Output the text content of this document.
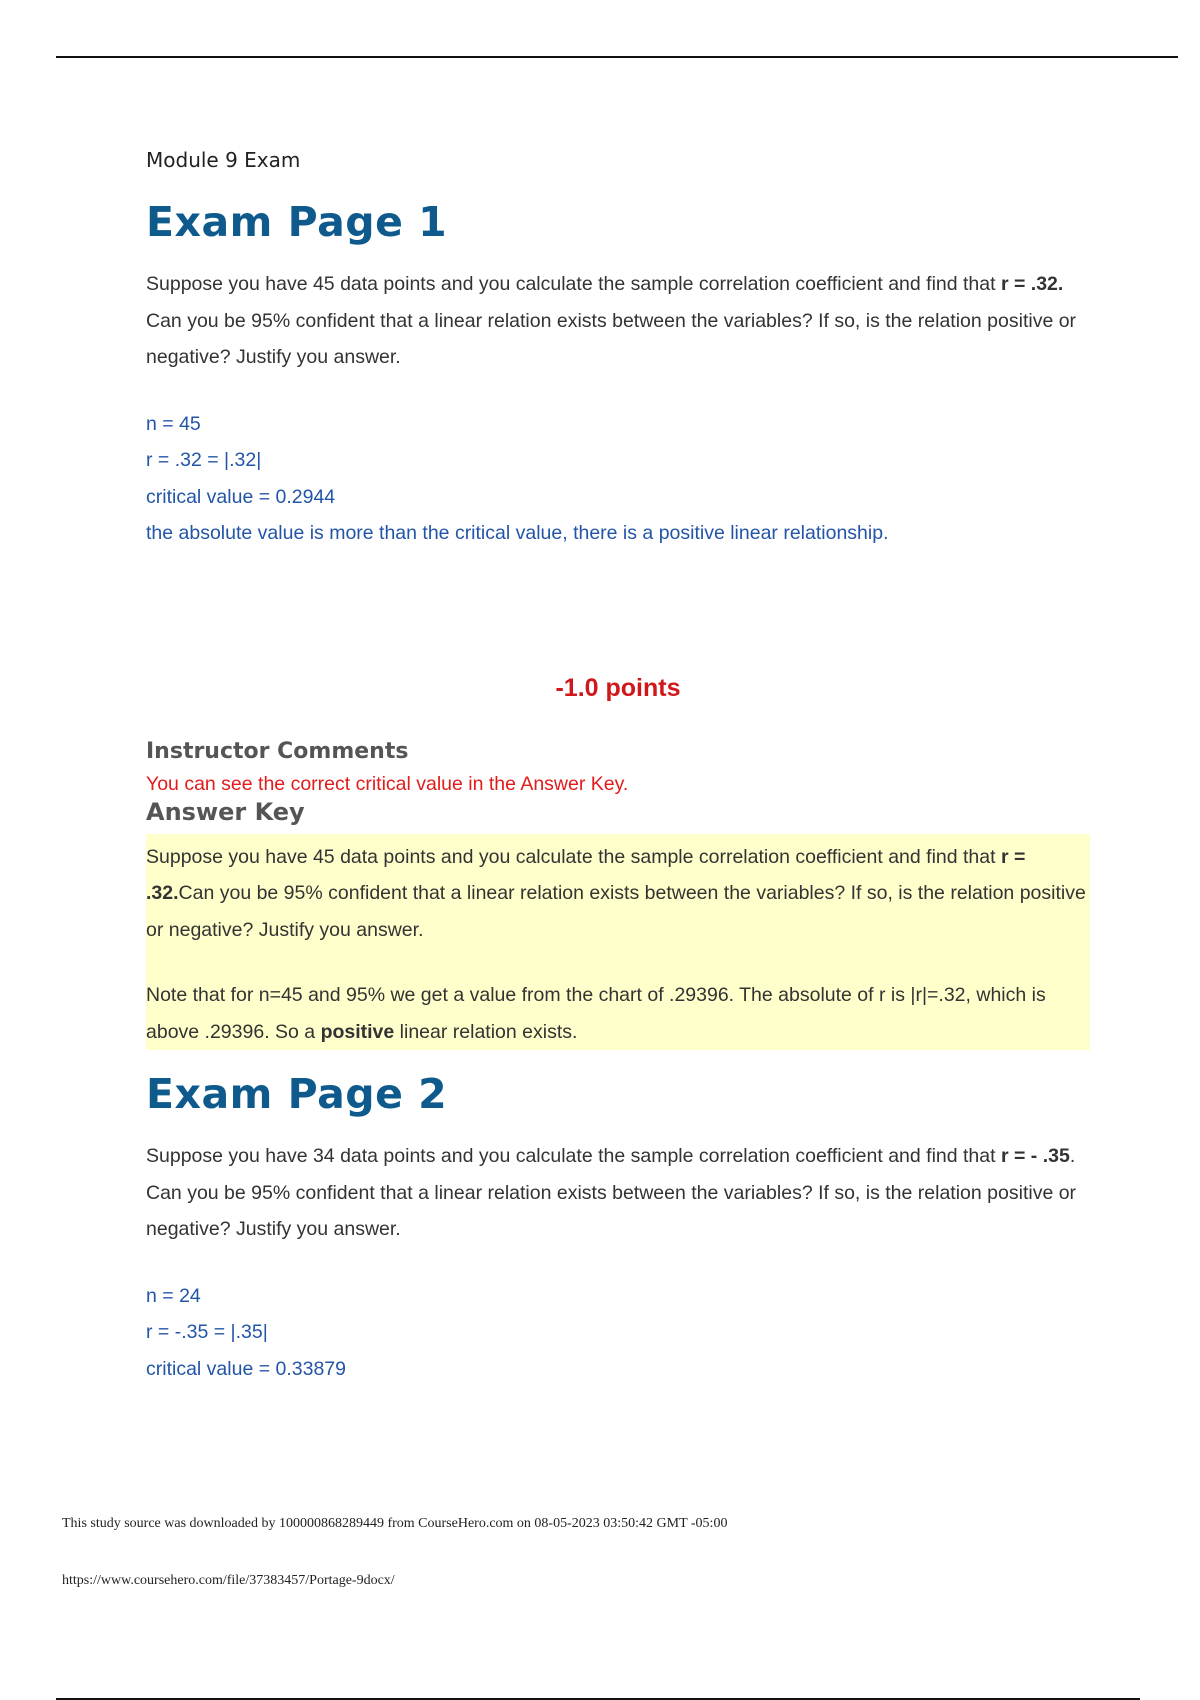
Module 9 Exam

Exam Page 1

Suppose you have 45 data points and you calculate the sample correlation coefficient and find that r = .32. Can you be 95% confident that a linear relation exists between the variables? If so, is the relation positive or negative? Justify you answer.

n = 45

r = .32 = |.32|

critical value = 0.2944

the absolute value is more than the critical value, there is a positive linear relationship.

-1.0 points

Instructor Comments

You can see the correct critical value in the Answer Key.

Answer Key

Suppose you have 45 data points and you calculate the sample correlation coefficient and find that r = .32.Can you be 95% confident that a linear relation exists between the variables? If so, is the relation positive or negative? Justify you answer.

Note that for n=45 and 95% we get a value from the chart of .29396. The absolute of r is |r|=.32, which is above .29396. So a positive linear relation exists.

Exam Page 2

Suppose you have 34 data points and you calculate the sample correlation coefficient and find that r = - .35. Can you be 95% confident that a linear relation exists between the variables? If so, is the relation positive or negative? Justify you answer.

n = 24

r = -.35 = |.35|

critical value = 0.33879

This study source was downloaded by 100000868289449 from CourseHero.com on 08-05-2023 03:50:42 GMT -05:00
https://www.coursehero.com/file/37383457/Portage-9docx/
